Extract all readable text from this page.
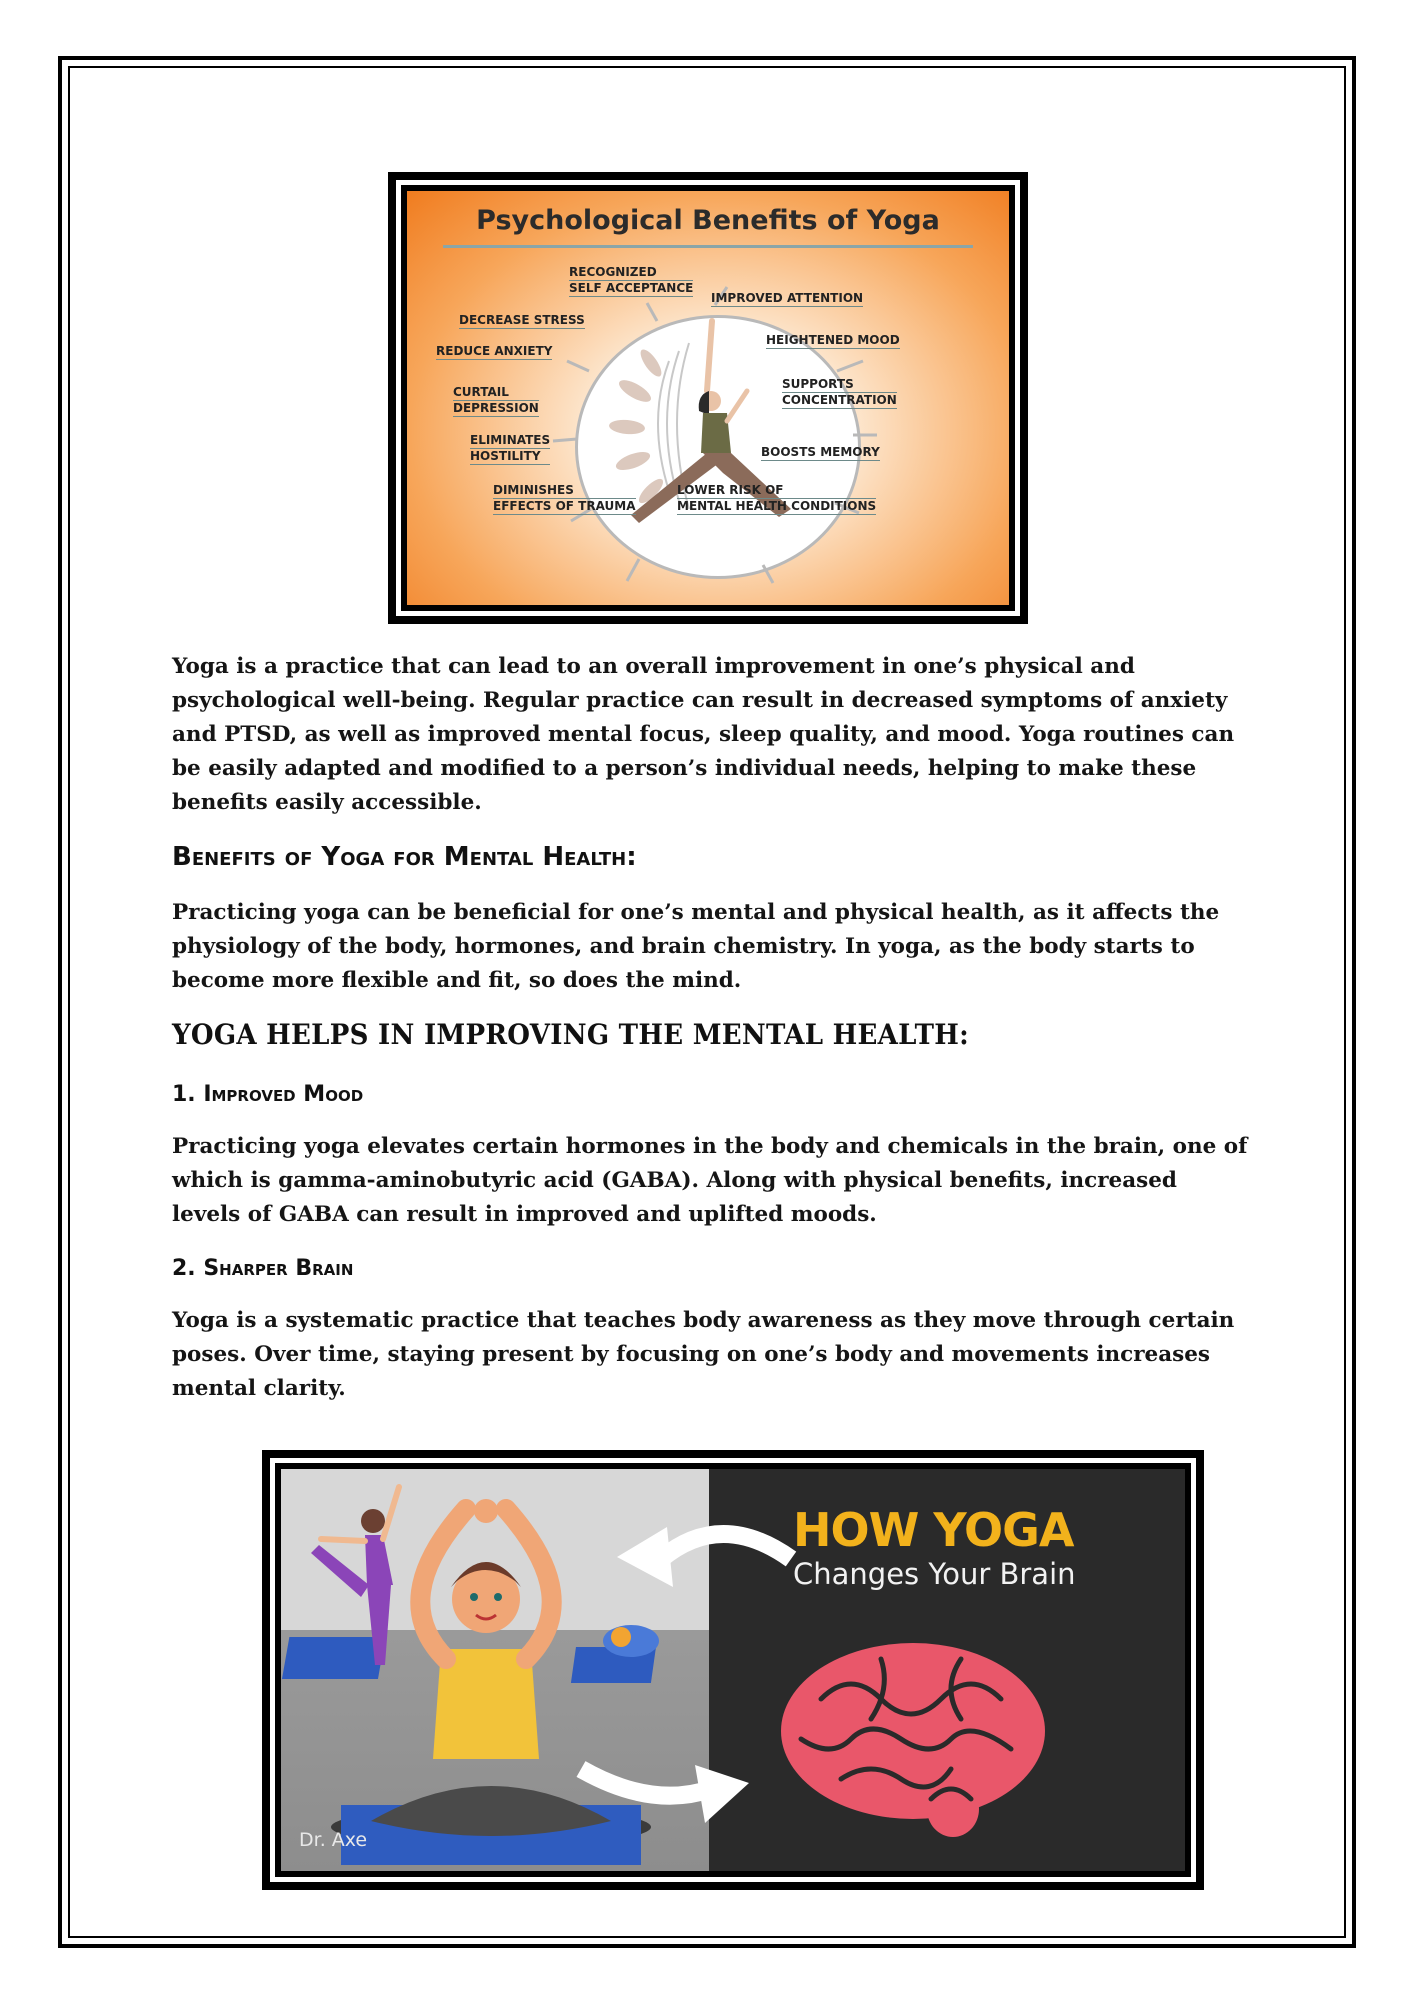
Psychological Benefits of Yoga
RECOGNIZED
SELF ACCEPTANCE
IMPROVED ATTENTION
DECREASE STRESS
HEIGHTENED MOOD
REDUCE ANXIETY
CURTAIL
DEPRESSION
SUPPORTS
CONCENTRATION
ELIMINATES
HOSTILITY	BOOSTS MEMORY
DIMINISHES
EFFECTS OF TRAUMA
LOWER RISK OF
MENTAL HEALTH CONDITIONS

Yoga is a practice that can lead to an overall improvement in one’s physical and psychological well-being. Regular practice can result in decreased symptoms of anxiety and PTSD, as well as improved mental focus, sleep quality, and mood. Yoga routines can be easily adapted and modified to a person’s individual needs, helping to make these benefits easily accessible.

Benefits of Yoga for Mental Health:

Practicing yoga can be beneficial for one’s mental and physical health, as it affects the physiology of the body, hormones, and brain chemistry. In yoga, as the body starts to become more flexible and fit, so does the mind.

YOGA HELPS IN IMPROVING THE MENTAL HEALTH:
1. Improved Mood

Practicing yoga elevates certain hormones in the body and chemicals in the brain, one of which is gamma-aminobutyric acid (GABA). Along with physical benefits, increased levels of GABA can result in improved and uplifted moods.

2. Sharper Brain

Yoga is a systematic practice that teaches body awareness as they move through certain poses. Over time, staying present by focusing on one’s body and movements increases mental clarity.

HOW YOGA
Changes Your Brain
Dr. Axe
